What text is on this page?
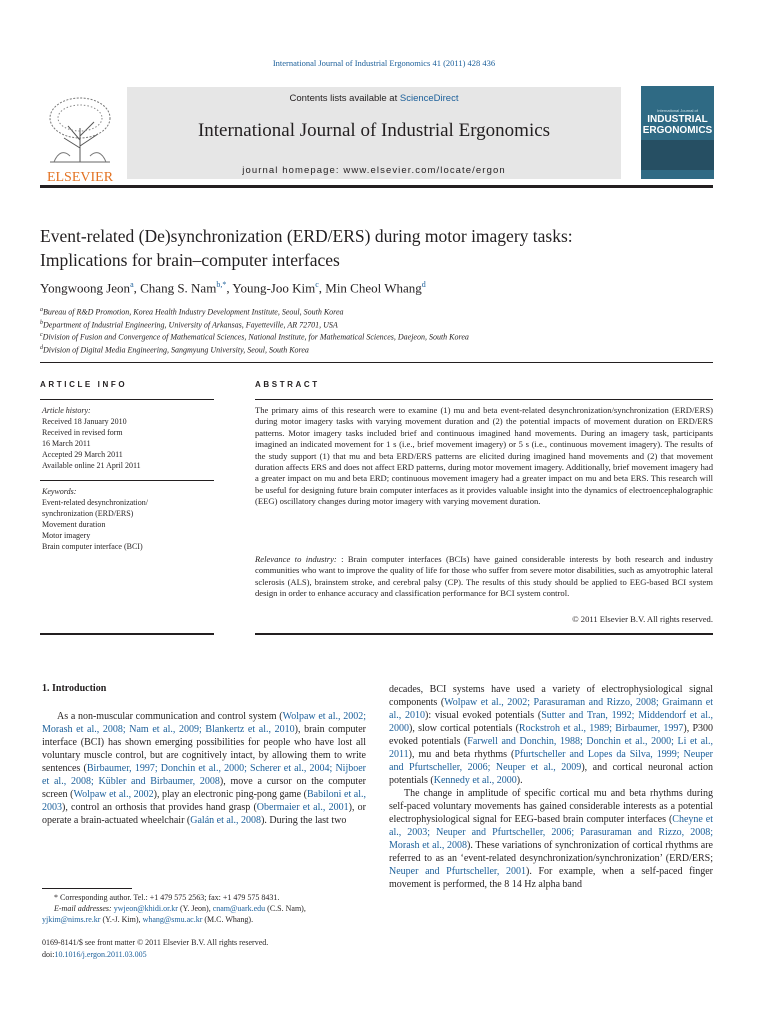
International Journal of Industrial Ergonomics 41 (2011) 428 436
ELSEVIER
Contents lists available at ScienceDirect
International Journal of Industrial Ergonomics
journal homepage: www.elsevier.com/locate/ergon
International Journal of
INDUSTRIAL
ERGONOMICS
Event-related (De)synchronization (ERD/ERS) during motor imagery tasks:
Implications for brain–computer interfaces
Yongwoong Jeon$^a$, Chang S. Nam$^{b,*}$, Young-Joo Kim$^c$, Min Cheol Whang$^d$
$^a$Bureau of R&D Promotion, Korea Health Industry Development Institute, Seoul, South Korea
$^b$Department of Industrial Engineering, University of Arkansas, Fayetteville, AR 72701, USA
$^c$Division of Fusion and Convergence of Mathematical Sciences, National Institute, for Mathematical Sciences, Daejeon, South Korea
$^d$Division of Digital Media Engineering, Sangmyung University, Seoul, South Korea
ARTICLE INFO
Article history:
Received 18 January 2010
Received in revised form
16 March 2011
Accepted 29 March 2011
Available online 21 April 2011
Keywords:
Event-related desynchronization/
synchronization (ERD/ERS)
Movement duration
Motor imagery
Brain computer interface (BCI)
ABSTRACT
The primary aims of this research were to examine (1) mu and beta event-related desynchronization/synchronization (ERD/ERS) during motor imagery tasks with varying movement duration and (2) the potential impacts of movement duration on ERD/ERS patterns. Motor imagery tasks included brief and continuous imagined hand movements. During an imagery task, participants imagined an indicated movement for 1 s (i.e., brief movement imagery) or 5 s (i.e., continuous movement imagery). The results of the study support (1) that mu and beta ERD/ERS patterns are elicited during imagined hand movements and (2) that movement duration affects ERS and does not affect ERD patterns, during motor movement imagery. Additionally, brief movement imagery had a greater impact on mu and beta ERD; continuous movement imagery had a greater impact on mu and beta ERS. This research will be useful for designing future brain computer interfaces as it provides valuable insight into the dynamics of electroencephalographic (EEG) oscillatory changes during motor imagery with varying movement duration.
Relevance to industry: : Brain computer interfaces (BCIs) have gained considerable interests by both research and industry communities who want to improve the quality of life for those who suffer from severe motor disabilities, such as amyotrophic lateral sclerosis (ALS), brainstem stroke, and cerebral palsy (CP). The results of this study should be applied to EEG-based BCI system design in order to enhance accuracy and classification performance for BCI system control.
© 2011 Elsevier B.V. All rights reserved.
1. Introduction
As a non-muscular communication and control system (Wolpaw et al., 2002; Morash et al., 2008; Nam et al., 2009; Blankertz et al., 2010), brain computer interface (BCI) has shown emerging possibilities for people who have lost all voluntary muscle control, but are cognitively intact, by allowing them to write sentences (Birbaumer, 1997; Donchin et al., 2000; Scherer et al., 2004; Nijboer et al., 2008; Kübler and Birbaumer, 2008), move a cursor on the computer screen (Wolpaw et al., 2002), play an electronic ping-pong game (Babiloni et al., 2003), control an orthosis that provides hand grasp (Obermaier et al., 2001), or operate a brain-actuated wheelchair (Galán et al., 2008). During the last two

decades, BCI systems have used a variety of electrophysiological signal components (Wolpaw et al., 2002; Parasuraman and Rizzo, 2008; Graimann et al., 2010): visual evoked potentials (Sutter and Tran, 1992; Middendorf et al., 2000), slow cortical potentials (Rockstroh et al., 1989; Birbaumer, 1997), P300 evoked potentials (Farwell and Donchin, 1988; Donchin et al., 2000; Li et al., 2011), mu and beta rhythms (Pfurtscheller and Lopes da Silva, 1999; Neuper and Pfurtscheller, 2006; Neuper et al., 2009), and cortical neuronal action potentials (Kennedy et al., 2000).

The change in amplitude of specific cortical mu and beta rhythms during self-paced voluntary movements has gained considerable interests as a potential electrophysiological signal for EEG-based brain computer interfaces (Cheyne et al., 2003; Neuper and Pfurtscheller, 2006; Parasuraman and Rizzo, 2008; Morash et al., 2008). These variations of synchronization of cortical rhythms are referred to as an ‘event-related desynchronization/synchronization’ (ERD/ERS; Neuper and Pfurtscheller, 2001). For example, when a self-paced finger movement is performed, the 8 14 Hz alpha band

* Corresponding author. Tel.: +1 479 575 2563; fax: +1 479 575 8431.
E-mail addresses: ywjeon@khidi.or.kr (Y. Jeon), cnam@uark.edu (C.S. Nam), yjkim@nims.re.kr (Y.-J. Kim), whang@smu.ac.kr (M.C. Whang).
0169-8141/$ see front matter © 2011 Elsevier B.V. All rights reserved.
doi:10.1016/j.ergon.2011.03.005
